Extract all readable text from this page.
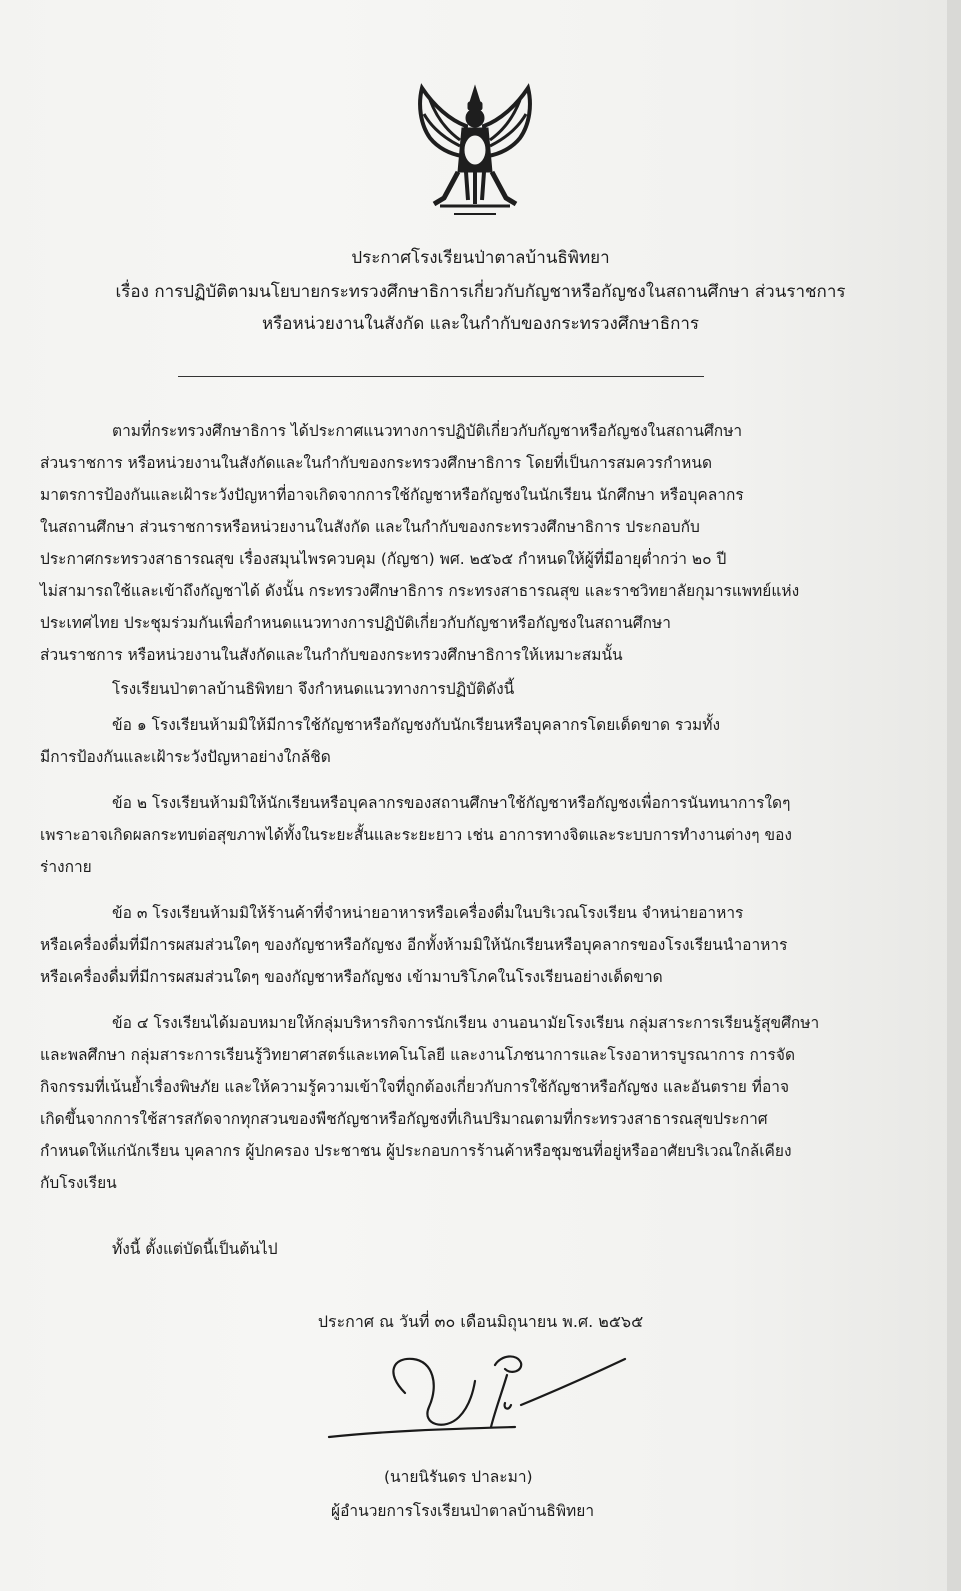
ประกาศโรงเรียนป่าตาลบ้านธิพิทยา
เรื่อง การปฏิบัติตามนโยบายกระทรวงศึกษาธิการเกี่ยวกับกัญชาหรือกัญชงในสถานศึกษา ส่วนราชการ
หรือหน่วยงานในสังกัด และในกำกับของกระทรวงศึกษาธิการ
ตามที่กระทรวงศึกษาธิการ ได้ประกาศแนวทางการปฏิบัติเกี่ยวกับกัญชาหรือกัญชงในสถานศึกษา
ส่วนราชการ หรือหน่วยงานในสังกัดและในกำกับของกระทรวงศึกษาธิการ โดยที่เป็นการสมควรกำหนด
มาตรการป้องกันและเฝ้าระวังปัญหาที่อาจเกิดจากการใช้กัญชาหรือกัญชงในนักเรียน นักศึกษา หรือบุคลากร
ในสถานศึกษา ส่วนราชการหรือหน่วยงานในสังกัด และในกำกับของกระทรวงศึกษาธิการ ประกอบกับ
ประกาศกระทรวงสาธารณสุข เรื่องสมุนไพรควบคุม (กัญชา) พศ. ๒๕๖๕ กำหนดให้ผู้ที่มีอายุต่ำกว่า ๒๐ ปี
ไม่สามารถใช้และเข้าถึงกัญชาได้ ดังนั้น กระทรวงศึกษาธิการ กระทรงสาธารณสุข และราชวิทยาลัยกุมารแพทย์แห่ง
ประเทศไทย ประชุมร่วมกันเพื่อกำหนดแนวทางการปฏิบัติเกี่ยวกับกัญชาหรือกัญชงในสถานศึกษา
ส่วนราชการ หรือหน่วยงานในสังกัดและในกำกับของกระทรวงศึกษาธิการให้เหมาะสมนั้น
โรงเรียนป่าตาลบ้านธิพิทยา จึงกำหนดแนวทางการปฏิบัติดังนี้
ข้อ ๑ โรงเรียนห้ามมิให้มีการใช้กัญชาหรือกัญชงกับนักเรียนหรือบุคลากรโดยเด็ดขาด รวมทั้ง
มีการป้องกันและเฝ้าระวังปัญหาอย่างใกล้ชิด
ข้อ ๒ โรงเรียนห้ามมิให้นักเรียนหรือบุคลากรของสถานศึกษาใช้กัญชาหรือกัญชงเพื่อการนันทนาการใดๆ
เพราะอาจเกิดผลกระทบต่อสุขภาพได้ทั้งในระยะสั้นและระยะยาว เช่น อาการทางจิตและระบบการทำงานต่างๆ ของ
ร่างกาย
ข้อ ๓ โรงเรียนห้ามมิให้ร้านค้าที่จำหน่ายอาหารหรือเครื่องดื่มในบริเวณโรงเรียน จำหน่ายอาหาร
หรือเครื่องดื่มที่มีการผสมส่วนใดๆ ของกัญชาหรือกัญชง อีกทั้งห้ามมิให้นักเรียนหรือบุคลากรของโรงเรียนนำอาหาร
หรือเครื่องดื่มที่มีการผสมส่วนใดๆ ของกัญชาหรือกัญชง เข้ามาบริโภคในโรงเรียนอย่างเด็ดขาด
ข้อ ๔ โรงเรียนได้มอบหมายให้กลุ่มบริหารกิจการนักเรียน งานอนามัยโรงเรียน กลุ่มสาระการเรียนรู้สุขศึกษา
และพลศึกษา กลุ่มสาระการเรียนรู้วิทยาศาสตร์และเทคโนโลยี และงานโภชนาการและโรงอาหารบูรณาการ การจัด
กิจกรรมที่เน้นย้ำเรื่องพิษภัย และให้ความรู้ความเข้าใจที่ถูกต้องเกี่ยวกับการใช้กัญชาหรือกัญชง และอันตราย ที่อาจ
เกิดขึ้นจากการใช้สารสกัดจากทุกสวนของพืชกัญชาหรือกัญชงที่เกินปริมาณตามที่กระทรวงสาธารณสุขประกาศ
กำหนดให้แก่นักเรียน บุคลากร ผู้ปกครอง ประชาชน ผู้ประกอบการร้านค้าหรือชุมชนที่อยู่หรืออาศัยบริเวณใกล้เคียง
กับโรงเรียน
ทั้งนี้ ตั้งแต่บัดนี้เป็นต้นไป
ประกาศ ณ วันที่ ๓๐ เดือนมิถุนายน พ.ศ. ๒๕๖๕
(นายนิรันดร ปาละมา)
ผู้อำนวยการโรงเรียนป่าตาลบ้านธิพิทยา
